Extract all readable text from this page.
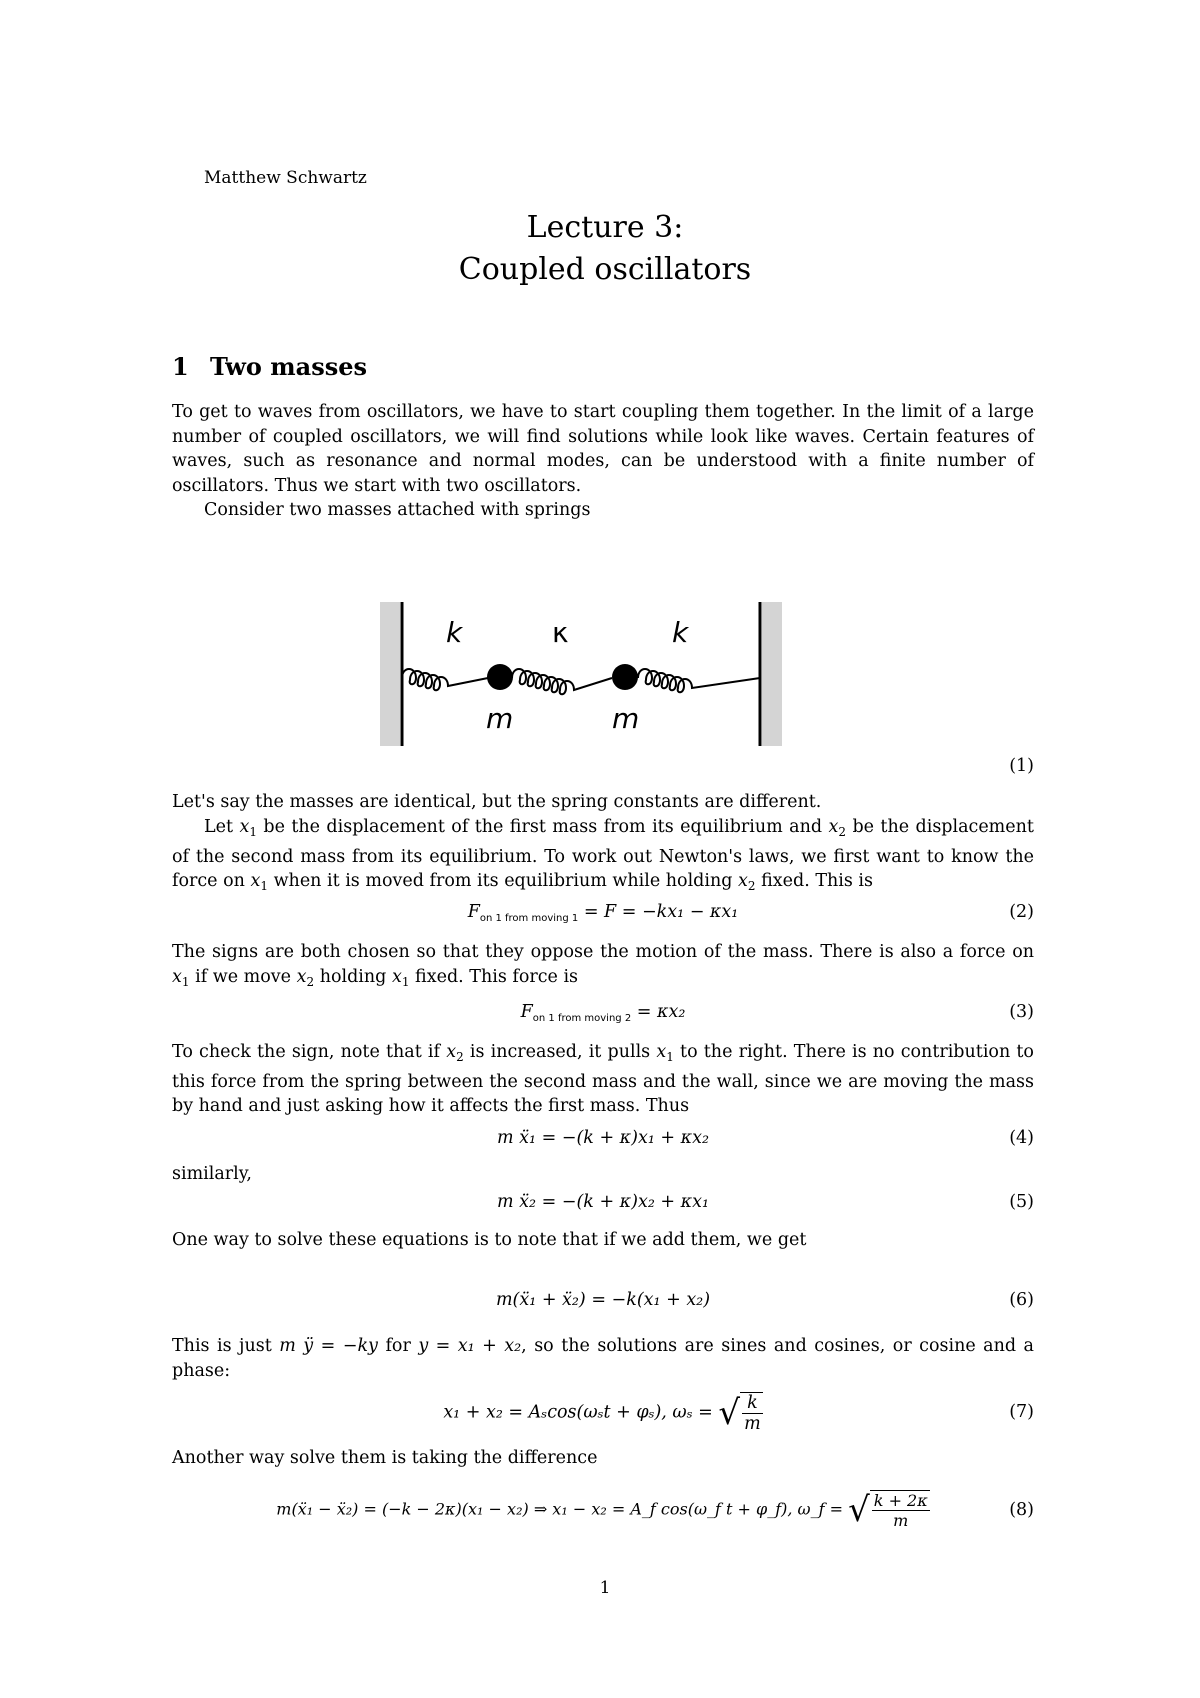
Matthew Schwartz
Lecture 3:
Coupled oscillators
1 Two masses
To get to waves from oscillators, we have to start coupling them together. In the limit of a large number of coupled oscillators, we will find solutions while look like waves. Certain features of waves, such as resonance and normal modes, can be understood with a finite number of oscillators. Thus we start with two oscillators.
Consider two masses attached with springs
k	κ	k
m	m
(1)
Let's say the masses are identical, but the spring constants are different.
Let $x_1$ be the displacement of the first mass from its equilibrium and $x_2$ be the displacement of the second mass from its equilibrium. To work out Newton's laws, we first want to know the force on $x_1$ when it is moved from its equilibrium while holding $x_2$ fixed. This is
$F_{on 1 from moving 1} = F = -kx_1 - \kappa x_1$	(2)
The signs are both chosen so that they oppose the motion of the mass. There is also a force on $x_1$ if we move $x_2$ holding $x_1$ fixed. This force is
$F_{on 1 from moving 2} = \kappa x_2$	(3)
To check the sign, note that if $x_2$ is increased, it pulls $x_1$ to the right. There is no contribution to this force from the spring between the second mass and the wall, since we are moving the mass by hand and just asking how it affects the first mass. Thus
m ẍ₁ = −(k + κ)x₁ + κx₂	(4)
similarly,
m ẍ₂ = −(k + κ)x₂ + κx₁	(5)
One way to solve these equations is to note that if we add them, we get
m(ẍ₁ + ẍ₂) = −k(x₁ + x₂)	(6)
This is just m ÿ = −ky for y = x₁ + x₂, so the solutions are sines and cosines, or cosine and a phase:
x₁ + x₂ = Aₛcos(ωₛt + φₛ), ωₛ = √ $\frac{k}{m}$	(7)
Another way solve them is taking the difference
m(ẍ₁ − ẍ₂) = (−k − 2κ)(x₁ − x₂) ⇒ x₁ − x₂ = A_f cos(ω_f t + φ_f), ω_f = √ $\frac{k + 2\kappa}{m}$	(8)
1
